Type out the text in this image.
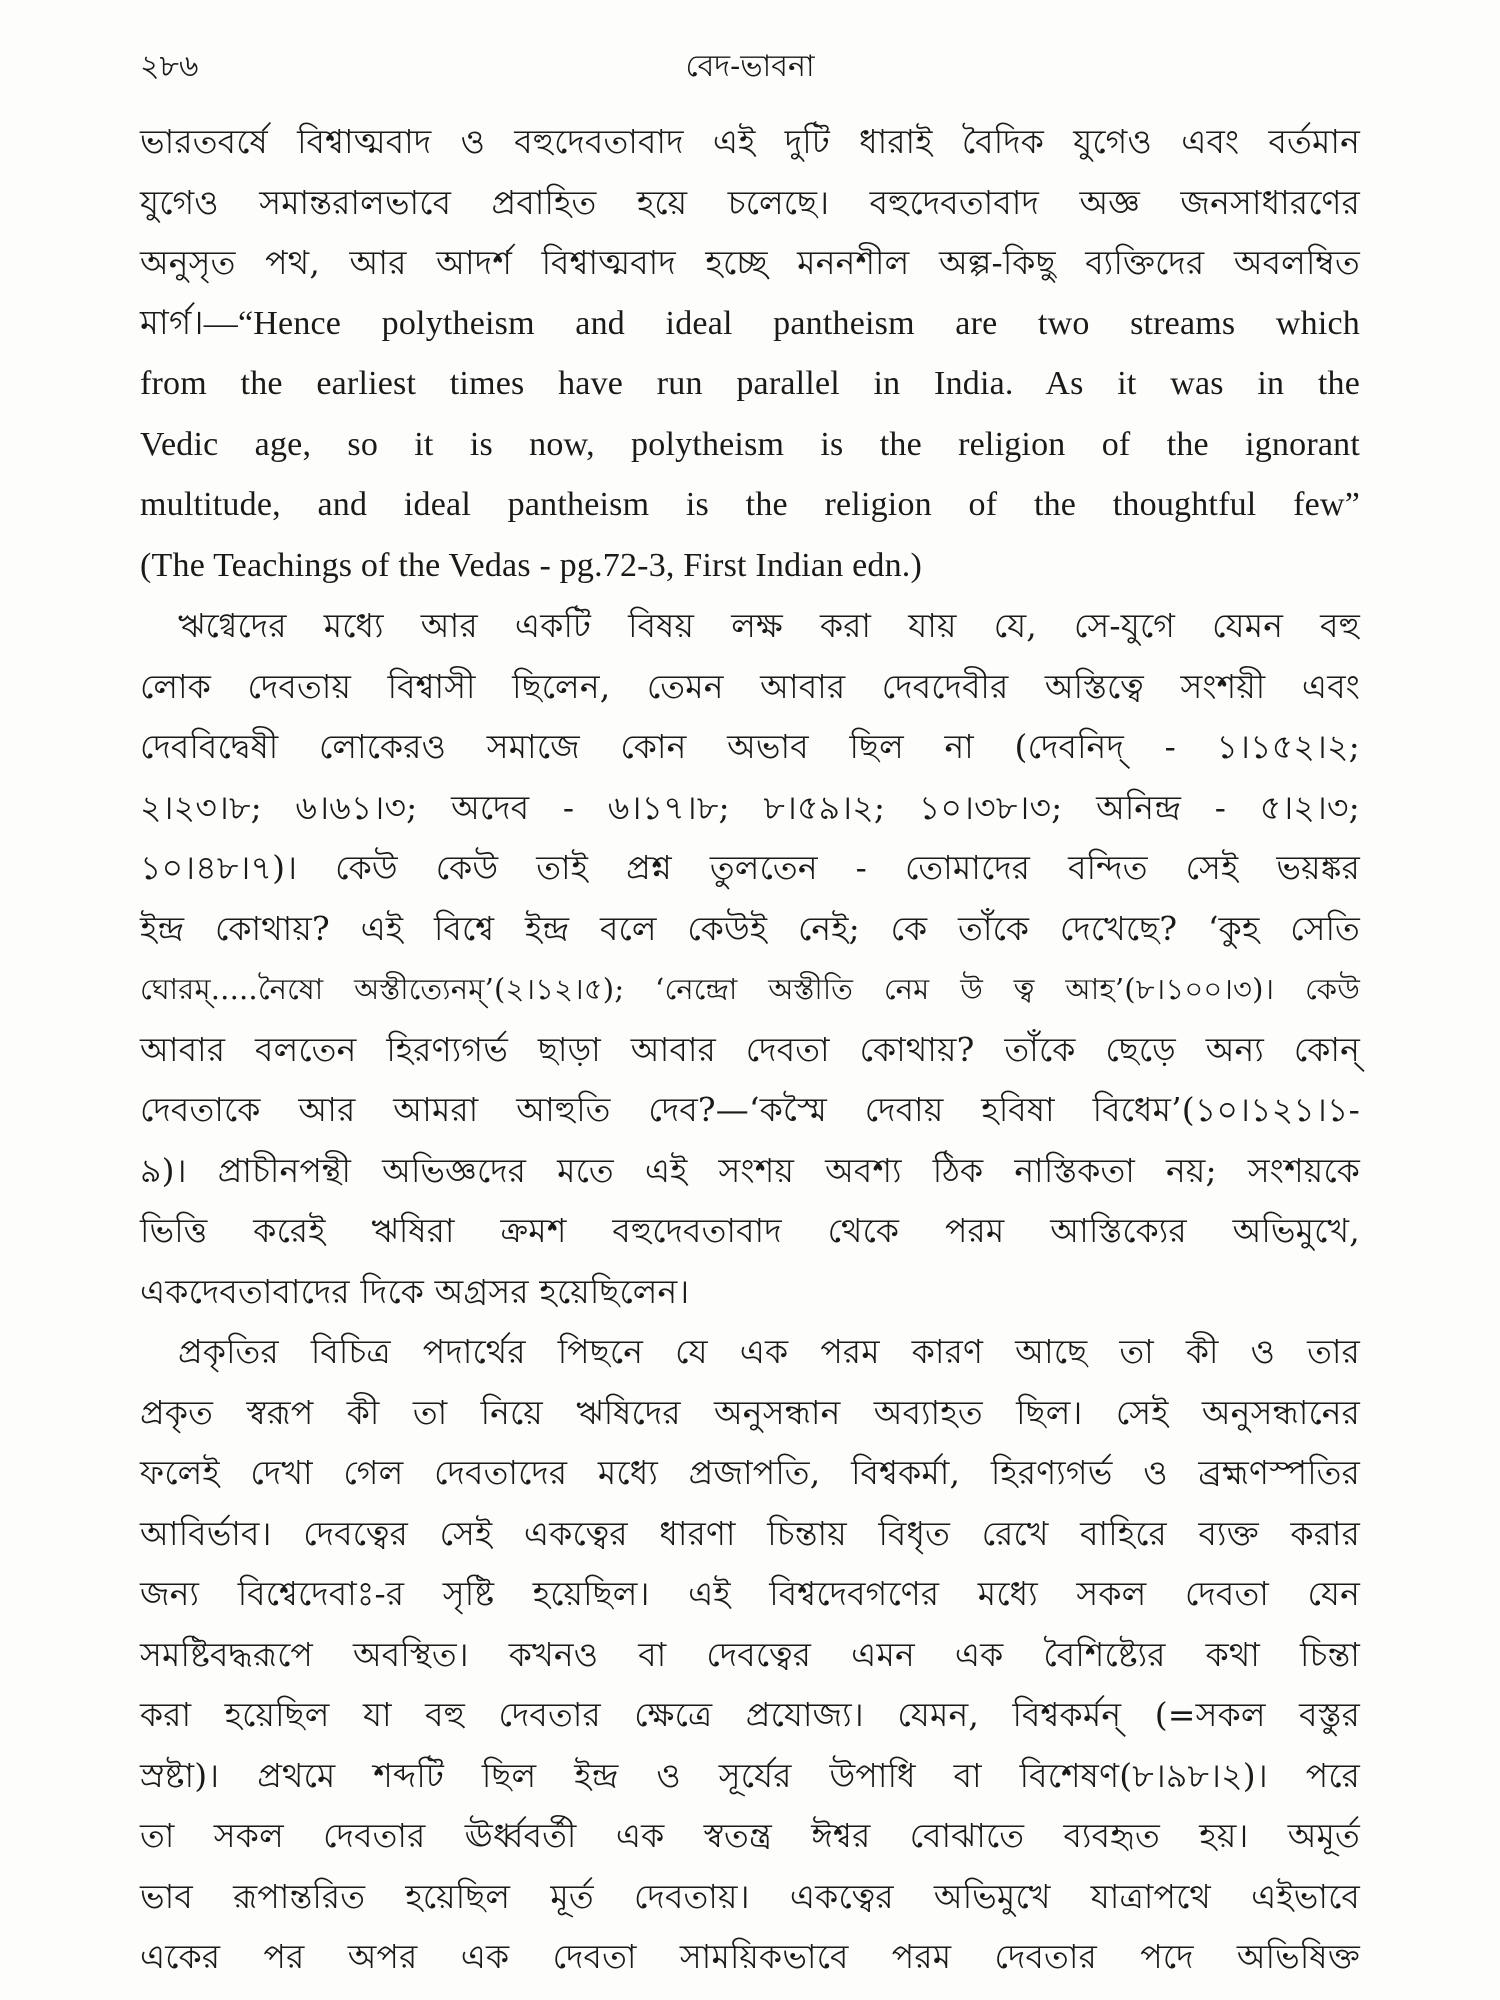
২৮৬	বেদ-ভাবনা

ভারতবর্ষে বিশ্বাত্মবাদ ও বহুদেবতাবাদ এই দুটি ধারাই বৈদিক যুগেও এবং বর্তমান

যুগেও সমান্তরালভাবে প্রবাহিত হয়ে চলেছে। বহুদেবতাবাদ অজ্ঞ জনসাধারণের

অনুসৃত পথ, আর আদর্শ বিশ্বাত্মবাদ হচ্ছে মননশীল অল্প-কিছু ব্যক্তিদের অবলম্বিত

মার্গ।—“Hence polytheism and ideal pantheism are two streams which

from the earliest times have run parallel in India. As it was in the

Vedic age, so it is now, polytheism is the religion of the ignorant

multitude, and ideal pantheism is the religion of the thoughtful few”

(The Teachings of the Vedas - pg.72-3, First Indian edn.)

ঋগ্বেদের মধ্যে আর একটি বিষয় লক্ষ করা যায় যে, সে-যুগে যেমন বহু

লোক দেবতায় বিশ্বাসী ছিলেন, তেমন আবার দেবদেবীর অস্তিত্বে সংশয়ী এবং

দেববিদ্বেষী লোকেরও সমাজে কোন অভাব ছিল না (দেবনিদ্ - ১।১৫২।২;

২।২৩।৮; ৬।৬১।৩; অদেব - ৬।১৭।৮; ৮।৫৯।২; ১০।৩৮।৩; অনিন্দ্র - ৫।২।৩;

১০।৪৮।৭)। কেউ কেউ তাই প্রশ্ন তুলতেন - তোমাদের বন্দিত সেই ভয়ঙ্কর

ইন্দ্র কোথায়? এই বিশ্বে ইন্দ্র বলে কেউই নেই; কে তাঁকে দেখেছে? ‘কুহ সেতি

ঘোরম্.....নৈষো অস্তীত্যেনম্’(২।১২।৫); ‘নেন্দ্রো অস্তীতি নেম উ ত্ব আহ’(৮।১০০।৩)। কেউ

আবার বলতেন হিরণ্যগর্ভ ছাড়া আবার দেবতা কোথায়? তাঁকে ছেড়ে অন্য কোন্

দেবতাকে আর আমরা আহুতি দেব?—‘কস্মৈ দেবায় হবিষা বিধেম’(১০।১২১।১-

৯)। প্রাচীনপন্থী অভিজ্ঞদের মতে এই সংশয় অবশ্য ঠিক নাস্তিকতা নয়; সংশয়কে

ভিত্তি করেই ঋষিরা ক্রমশ বহুদেবতাবাদ থেকে পরম আস্তিক্যের অভিমুখে,

একদেবতাবাদের দিকে অগ্রসর হয়েছিলেন।

প্রকৃতির বিচিত্র পদার্থের পিছনে যে এক পরম কারণ আছে তা কী ও তার

প্রকৃত স্বরূপ কী তা নিয়ে ঋষিদের অনুসন্ধান অব্যাহত ছিল। সেই অনুসন্ধানের

ফলেই দেখা গেল দেবতাদের মধ্যে প্রজাপতি, বিশ্বকর্মা, হিরণ্যগর্ভ ও ব্রহ্মণস্পতির

আবির্ভাব। দেবত্বের সেই একত্বের ধারণা চিন্তায় বিধৃত রেখে বাহিরে ব্যক্ত করার

জন্য বিশ্বেদেবাঃ-র সৃষ্টি হয়েছিল। এই বিশ্বদেবগণের মধ্যে সকল দেবতা যেন

সমষ্টিবদ্ধরূপে অবস্থিত। কখনও বা দেবত্বের এমন এক বৈশিষ্ট্যের কথা চিন্তা

করা হয়েছিল যা বহু দেবতার ক্ষেত্রে প্রযোজ্য। যেমন, বিশ্বকর্মন্ (=সকল বস্তুর

স্রষ্টা)। প্রথমে শব্দটি ছিল ইন্দ্র ও সূর্যের উপাধি বা বিশেষণ(৮।৯৮।২)। পরে

তা সকল দেবতার ঊর্ধ্ববর্তী এক স্বতন্ত্র ঈশ্বর বোঝাতে ব্যবহৃত হয়। অমূর্ত

ভাব রূপান্তরিত হয়েছিল মূর্ত দেবতায়। একত্বের অভিমুখে যাত্রাপথে এইভাবে

একের পর অপর এক দেবতা সাময়িকভাবে পরম দেবতার পদে অভিষিক্ত
